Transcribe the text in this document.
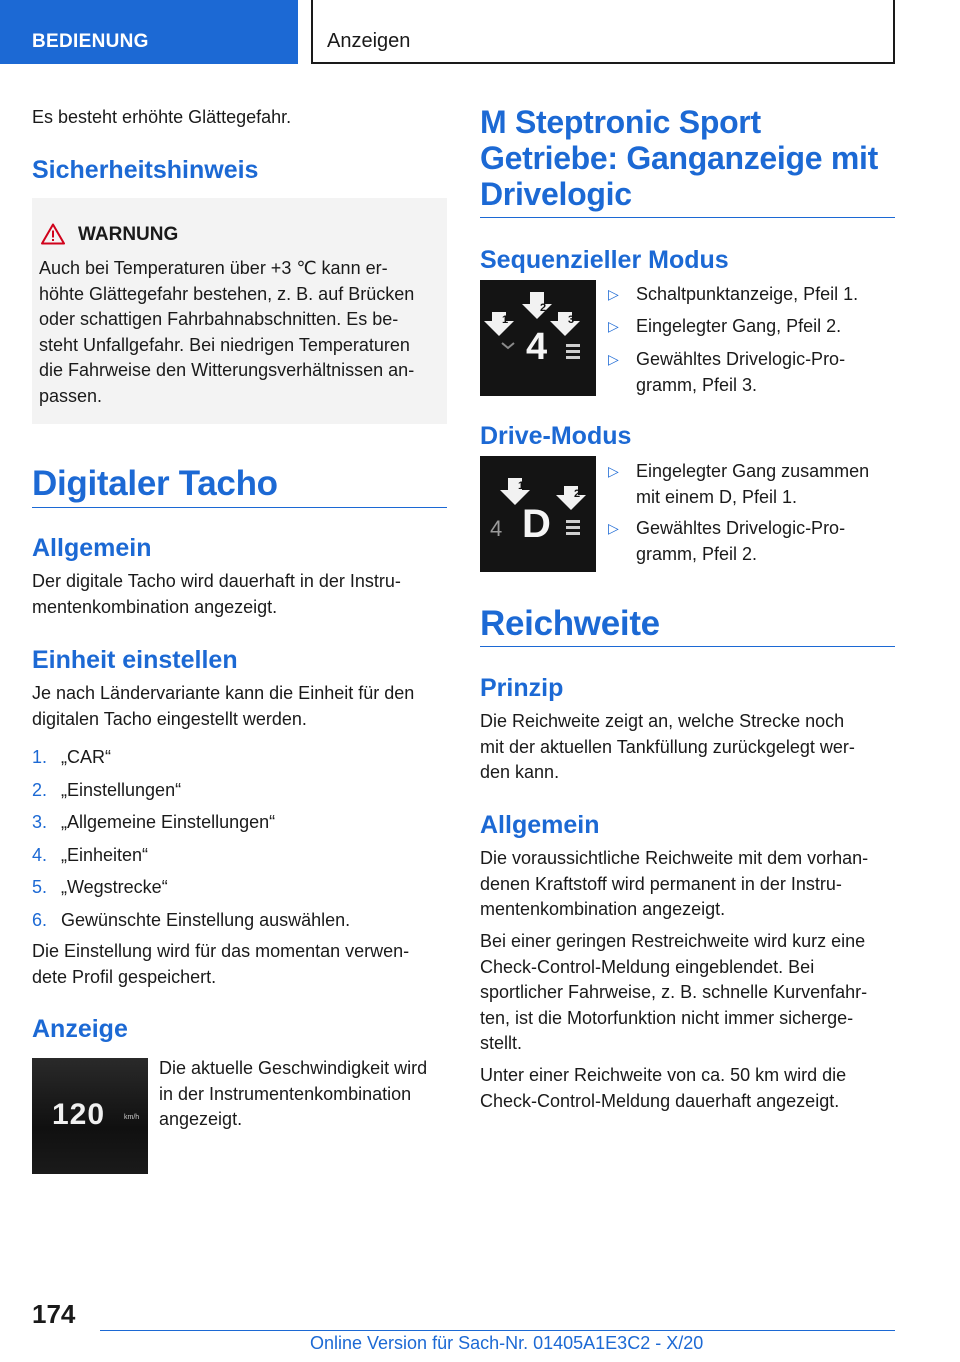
BEDIENUNG	Anzeigen

Es besteht erhöhte Glättegefahr.

Sicherheitshinweis
WARNUNG

Auch bei Temperaturen über +3 ℃ kann er‐

höhte Glättegefahr bestehen, z. B. auf Brücken

oder schattigen Fahrbahnabschnitten. Es be‐

steht Unfallgefahr. Bei niedrigen Temperaturen

die Fahrweise den Witterungsverhältnissen an‐

passen.

Digitaler Tacho
Allgemein

Der digitale Tacho wird dauerhaft in der Instru‐

mentenkombination angezeigt.

Einheit einstellen

Je nach Ländervariante kann die Einheit für den

digitalen Tacho eingestellt werden.

1. „CAR“
2. „Einstellungen“
3. „Allgemeine Einstellungen“
4. „Einheiten“
5. „Wegstrecke“
6. Gewünschte Einstellung auswählen.

Die Einstellung wird für das momentan verwen‐

dete Profil gespeichert.

Anzeige
120	km/h

Die aktuelle Geschwindigkeit wird

in der Instrumentenkombination

angezeigt.

M Steptronic Sport
Getriebe: Ganganzeige mit
Drivelogic
Sequenzieller Modus
4
1
2
3
▷ Schaltpunktanzeige, Pfeil 1.
▷ Eingelegter Gang, Pfeil 2.
▷ Gewähltes Drivelogic-Pro‐
gramm, Pfeil 3.
Drive-Modus
4 D
1
2
▷ Eingelegter Gang zusammen
mit einem D, Pfeil 1.
▷ Gewähltes Drivelogic-Pro‐
gramm, Pfeil 2.
Reichweite
Prinzip

Die Reichweite zeigt an, welche Strecke noch

mit der aktuellen Tankfüllung zurückgelegt wer‐

den kann.

Allgemein

Die voraussichtliche Reichweite mit dem vorhan‐

denen Kraftstoff wird permanent in der Instru‐

mentenkombination angezeigt.

Bei einer geringen Restreichweite wird kurz eine

Check-Control-Meldung eingeblendet. Bei

sportlicher Fahrweise, z. B. schnelle Kurvenfahr‐

ten, ist die Motorfunktion nicht immer sicherge‐

stellt.

Unter einer Reichweite von ca. 50 km wird die

Check-Control-Meldung dauerhaft angezeigt.

174
Online Version für Sach-Nr. 01405A1E3C2 - X/20
